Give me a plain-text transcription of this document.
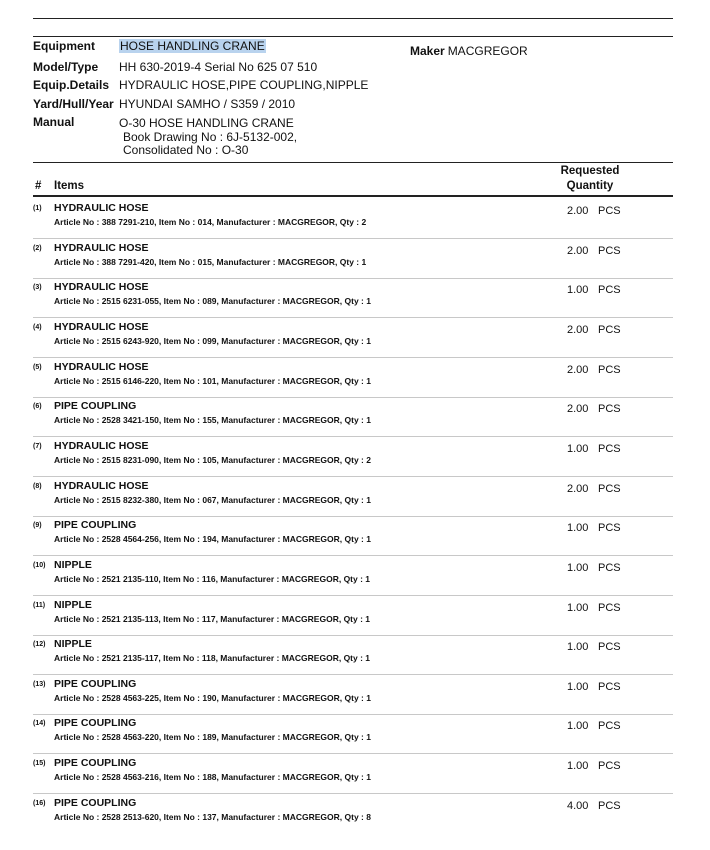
Equipment	HOSE HANDLING CRANE	Maker MACGREGOR
Model/Type	HH 630-2019-4 Serial No 625 07 510
Equip.Details HYDRAULIC HOSE,PIPE COUPLING,NIPPLE
Yard/Hull/Year HYUNDAI SAMHO / S359 / 2010
Manual	O-30 HOSE HANDLING CRANE
Book Drawing No : 6J-5132-002,
Consolidated No : O-30
# Items
Requested
Quantity
(1) HYDRAULIC HOSE
Article No : 388 7291-210, Item No : 014, Manufacturer : MACGREGOR, Qty : 2
2.00 PCS
(2) HYDRAULIC HOSE
Article No : 388 7291-420, Item No : 015, Manufacturer : MACGREGOR, Qty : 1
2.00 PCS
(3) HYDRAULIC HOSE
Article No : 2515 6231-055, Item No : 089, Manufacturer : MACGREGOR, Qty : 1
1.00 PCS
(4) HYDRAULIC HOSE
Article No : 2515 6243-920, Item No : 099, Manufacturer : MACGREGOR, Qty : 1
2.00 PCS
(5) HYDRAULIC HOSE
Article No : 2515 6146-220, Item No : 101, Manufacturer : MACGREGOR, Qty : 1
2.00 PCS
(6) PIPE COUPLING
Article No : 2528 3421-150, Item No : 155, Manufacturer : MACGREGOR, Qty : 1
2.00 PCS
(7) HYDRAULIC HOSE
Article No : 2515 8231-090, Item No : 105, Manufacturer : MACGREGOR, Qty : 2
1.00 PCS
(8) HYDRAULIC HOSE
Article No : 2515 8232-380, Item No : 067, Manufacturer : MACGREGOR, Qty : 1
2.00 PCS
(9) PIPE COUPLING
Article No : 2528 4564-256, Item No : 194, Manufacturer : MACGREGOR, Qty : 1
1.00 PCS
(10) NIPPLE
Article No : 2521 2135-110, Item No : 116, Manufacturer : MACGREGOR, Qty : 1
1.00 PCS
(11) NIPPLE
Article No : 2521 2135-113, Item No : 117, Manufacturer : MACGREGOR, Qty : 1
1.00 PCS
(12) NIPPLE
Article No : 2521 2135-117, Item No : 118, Manufacturer : MACGREGOR, Qty : 1
1.00 PCS
(13) PIPE COUPLING
Article No : 2528 4563-225, Item No : 190, Manufacturer : MACGREGOR, Qty : 1
1.00 PCS
(14) PIPE COUPLING
Article No : 2528 4563-220, Item No : 189, Manufacturer : MACGREGOR, Qty : 1
1.00 PCS
(15) PIPE COUPLING
Article No : 2528 4563-216, Item No : 188, Manufacturer : MACGREGOR, Qty : 1
1.00 PCS
(16) PIPE COUPLING
Article No : 2528 2513-620, Item No : 137, Manufacturer : MACGREGOR, Qty : 8
4.00 PCS
